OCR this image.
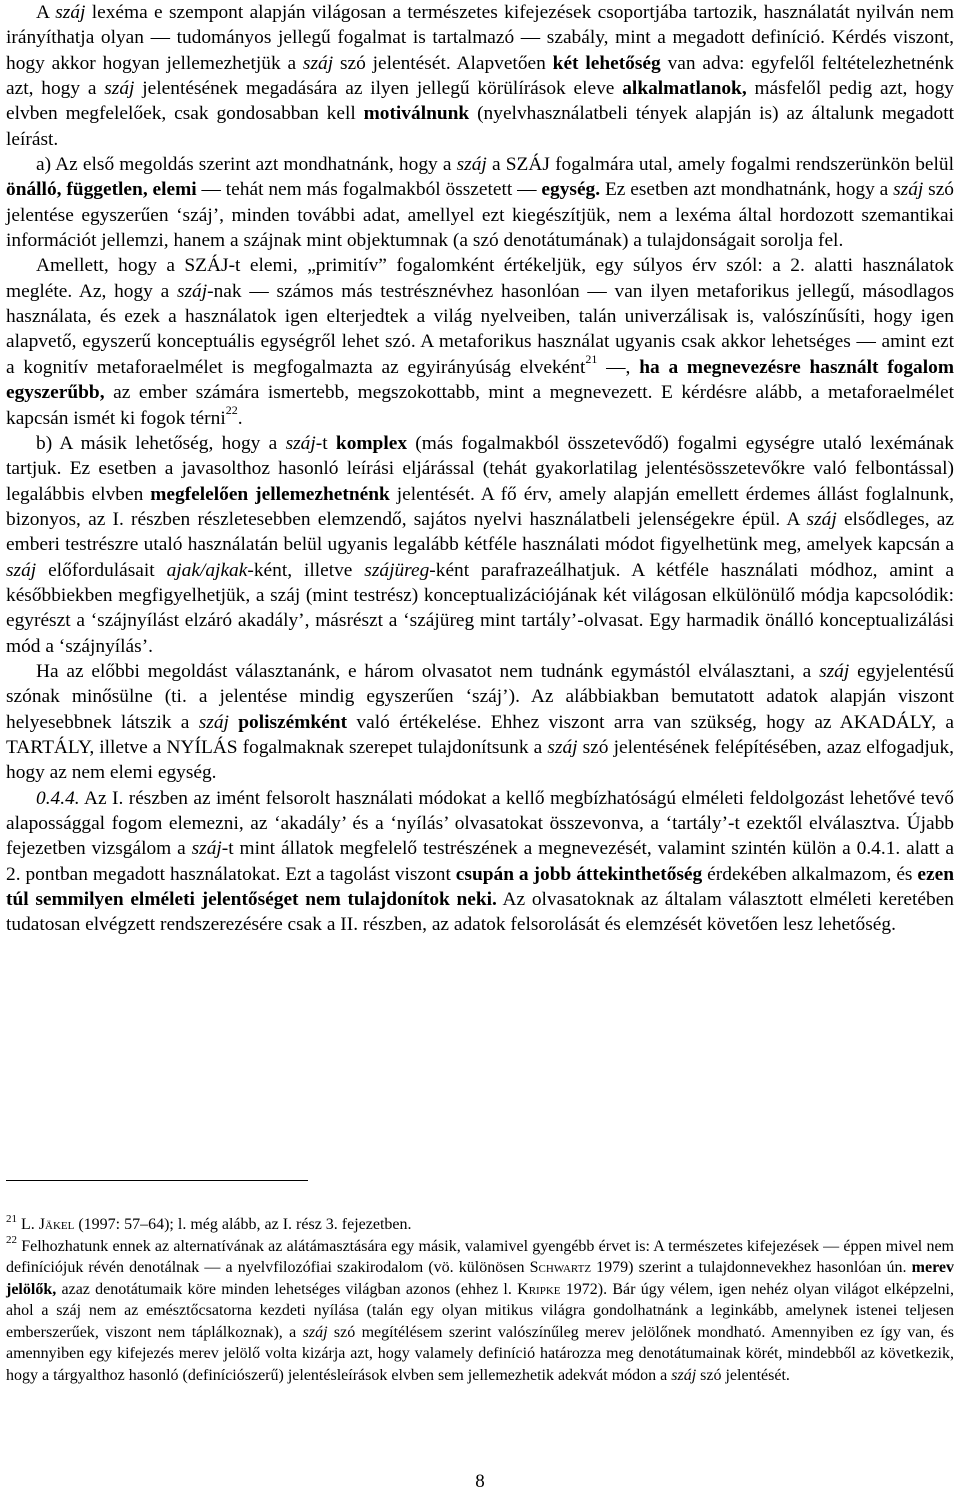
A száj lexéma e szempont alapján világosan a természetes kifejezések csoportjába tartozik, használatát nyilván nem irányíthatja olyan — tudományos jellegű fogalmat is tartalmazó — szabály, mint a megadott definíció. Kérdés viszont, hogy akkor hogyan jellemezhetjük a száj szó jelentését. Alapvetően két lehetőség van adva: egyfelől feltételezhetnénk azt, hogy a száj jelentésének megadására az ilyen jellegű körülírások eleve alkalmatlanok, másfelől pedig azt, hogy elvben megfelelőek, csak gondosabban kell motiválnunk (nyelvhasználatbeli tények alapján is) az általunk megadott leírást.

a) Az első megoldás szerint azt mondhatnánk, hogy a száj a SZÁJ fogalmára utal, amely fogalmi rendszerünkön belül önálló, független, elemi — tehát nem más fogalmakból összetett — egység. Ez esetben azt mondhatnánk, hogy a száj szó jelentése egyszerűen ‘száj’, minden további adat, amellyel ezt kiegészítjük, nem a lexéma által hordozott szemantikai információt jellemzi, hanem a szájnak mint objektumnak (a szó denotátumának) a tulajdonságait sorolja fel.

Amellett, hogy a SZÁJ-t elemi, „primitív” fogalomként értékeljük, egy súlyos érv szól: a 2. alatti használatok megléte. Az, hogy a száj-nak — számos más testrésznévhez hasonlóan — van ilyen metaforikus jellegű, másodlagos használata, és ezek a használatok igen elterjedtek a világ nyelveiben, talán univerzálisak is, valószínűsíti, hogy igen alapvető, egyszerű konceptuális egységről lehet szó. A metaforikus használat ugyanis csak akkor lehetséges — amint ezt a kognitív metaforaelmélet is megfogalmazta az egyirányúság elveként$^{21}$ —, ha a megnevezésre használt fogalom egyszerűbb, az ember számára ismertebb, megszokottabb, mint a megnevezett. E kérdésre alább, a metaforaelmélet kapcsán ismét ki fogok térni$^{22}$.

b) A másik lehetőség, hogy a száj-t komplex (más fogalmakból összetevődő) fogalmi egységre utaló lexémának tartjuk. Ez esetben a javasolthoz hasonló leírási eljárással (tehát gyakorlatilag jelentésösszetevőkre való felbontással) legalábbis elvben megfelelően jellemezhetnénk jelentését. A fő érv, amely alapján emellett érdemes állást foglalnunk, bizonyos, az I. részben részletesebben elemzendő, sajátos nyelvi használatbeli jelenségekre épül. A száj elsődleges, az emberi testrészre utaló használatán belül ugyanis legalább kétféle használati módot figyelhetünk meg, amelyek kapcsán a száj előfordulásait ajak/ajkak-ként, illetve szájüreg-ként parafrazeálhatjuk. A kétféle használati módhoz, amint a későbbiekben megfigyelhetjük, a száj (mint testrész) konceptualizációjának két világosan elkülönülő módja kapcsolódik: egyrészt a ‘szájnyílást elzáró akadály’, másrészt a ‘szájüreg mint tartály’-olvasat. Egy harmadik önálló konceptualizálási mód a ‘szájnyílás’.

Ha az előbbi megoldást választanánk, e három olvasatot nem tudnánk egymástól elválasztani, a száj egyjelentésű szónak minősülne (ti. a jelentése mindig egyszerűen ‘száj’). Az alábbiakban bemutatott adatok alapján viszont helyesebbnek látszik a száj poliszémként való értékelése. Ehhez viszont arra van szükség, hogy az AKADÁLY, a TARTÁLY, illetve a NYÍLÁS fogalmaknak szerepet tulajdonítsunk a száj szó jelentésének felépítésében, azaz elfogadjuk, hogy az nem elemi egység.

0.4.4. Az I. részben az imént felsorolt használati módokat a kellő megbízhatóságú elméleti feldolgozást lehetővé tevő alapossággal fogom elemezni, az ‘akadály’ és a ‘nyílás’ olvasatokat összevonva, a ‘tartály’-t ezektől elválasztva. Újabb fejezetben vizsgálom a száj-t mint állatok megfelelő testrészének a megnevezését, valamint szintén külön a 0.4.1. alatt a 2. pontban megadott használatokat. Ezt a tagolást viszont csupán a jobb áttekinthetőség érdekében alkalmazom, és ezen túl semmilyen elméleti jelentőséget nem tulajdonítok neki. Az olvasatoknak az általam választott elméleti keretében tudatosan elvégzett rendszerezésére csak a II. részben, az adatok felsorolását és elemzését követően lesz lehetőség.

$^{21}$ L. Jäkel (1997: 57–64); l. még alább, az I. rész 3. fejezetben.

$^{22}$ Felhozhatunk ennek az alternatívának az alátámasztására egy másik, valamivel gyengébb érvet is: A természetes kifejezések — éppen mivel nem definíciójuk révén denotálnak — a nyelvfilozófiai szakirodalom (vö. különösen Schwartz 1979) szerint a tulajdonnevekhez hasonlóan ún. merev jelölők, azaz denotátumaik köre minden lehetséges világban azonos (ehhez l. Kripke 1972). Bár úgy vélem, igen nehéz olyan világot elképzelni, ahol a száj nem az emésztőcsatorna kezdeti nyílása (talán egy olyan mitikus világra gondolhatnánk a leginkább, amelynek istenei teljesen emberszerűek, viszont nem táplálkoznak), a száj szó megítélésem szerint valószínűleg merev jelölőnek mondható. Amennyiben ez így van, és amennyiben egy kifejezés merev jelölő volta kizárja azt, hogy valamely definíció határozza meg denotátumainak körét, mindebből az következik, hogy a tárgyalthoz hasonló (definíciószerű) jelentésleírások elvben sem jellemezhetik adekvát módon a száj szó jelentését.

8
